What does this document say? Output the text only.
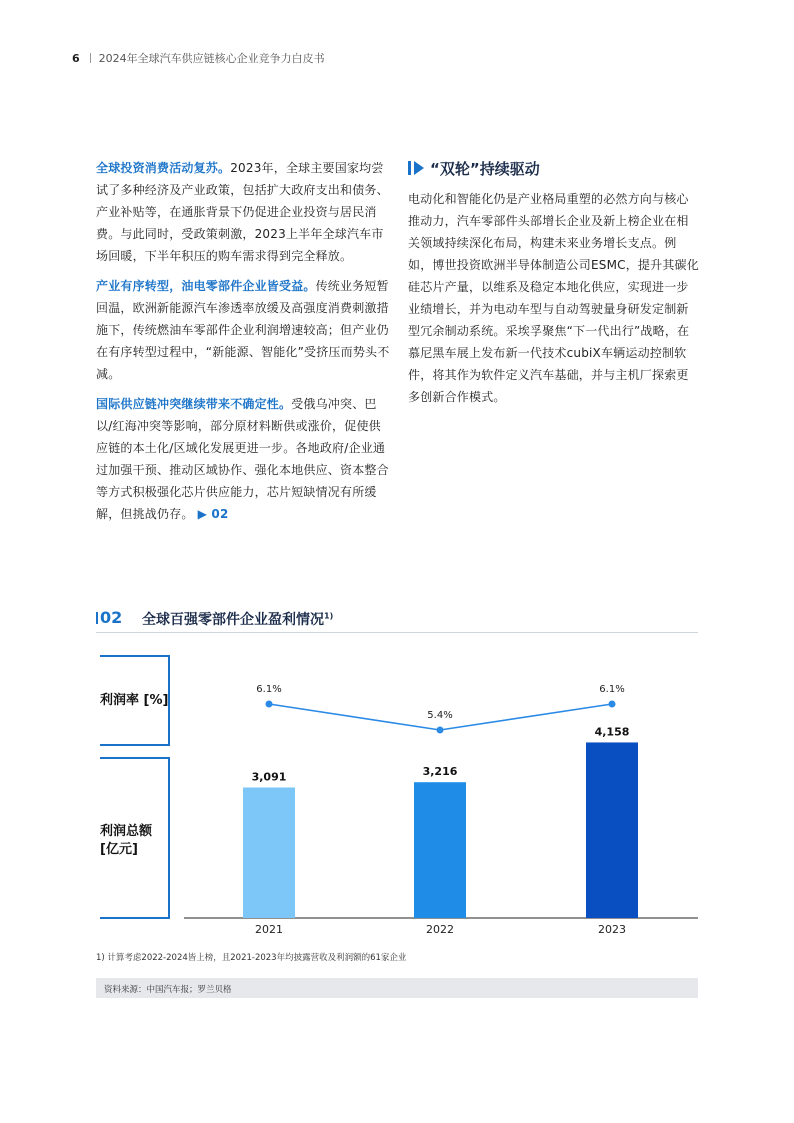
6 2024年全球汽车供应链核心企业竞争力白皮书

全球投资消费活动复苏。2023年，全球主要国家均尝试了多种经济及产业政策，包括扩大政府支出和债务、产业补贴等，在通胀背景下仍促进企业投资与居民消费。与此同时，受政策刺激，2023上半年全球汽车市场回暖，下半年积压的购车需求得到完全释放。

产业有序转型，油电零部件企业皆受益。传统业务短暂回温，欧洲新能源汽车渗透率放缓及高强度消费刺激措施下，传统燃油车零部件企业利润增速较高；但产业仍在有序转型过程中，“新能源、智能化”受挤压而势头不减。

国际供应链冲突继续带来不确定性。受俄乌冲突、巴以/红海冲突等影响，部分原材料断供或涨价，促使供应链的本土化/区域化发展更进一步。各地政府/企业通过加强干预、推动区域协作、强化本地供应、资本整合等方式积极强化芯片供应能力，芯片短缺情况有所缓解，但挑战仍存。 ▶ 02

“双轮”持续驱动

电动化和智能化仍是产业格局重塑的必然方向与核心推动力，汽车零部件头部增长企业及新上榜企业在相关领域持续深化布局，构建未来业务增长支点。例如，博世投资欧洲半导体制造公司ESMC，提升其碳化硅芯片产量，以维系及稳定本地化供应，实现进一步业绩增长，并为电动车型与自动驾驶量身研发定制新型冗余制动系统。采埃孚聚焦“下一代出行”战略，在慕尼黑车展上发布新一代技术cubiX车辆运动控制软件，将其作为软件定义汽车基础，并与主机厂探索更多创新合作模式。

02 全球百强零部件企业盈利情况$^{1)}$
利润率 [%]
利润总额
[亿元]
3,091
2021
3,216
2022
4,158
2023
6.1%
5.4%
6.1%
1) 计算考虑2022-2024皆上榜，且2021-2023年均披露营收及利润额的61家企业
资料来源：中国汽车报；罗兰贝格
